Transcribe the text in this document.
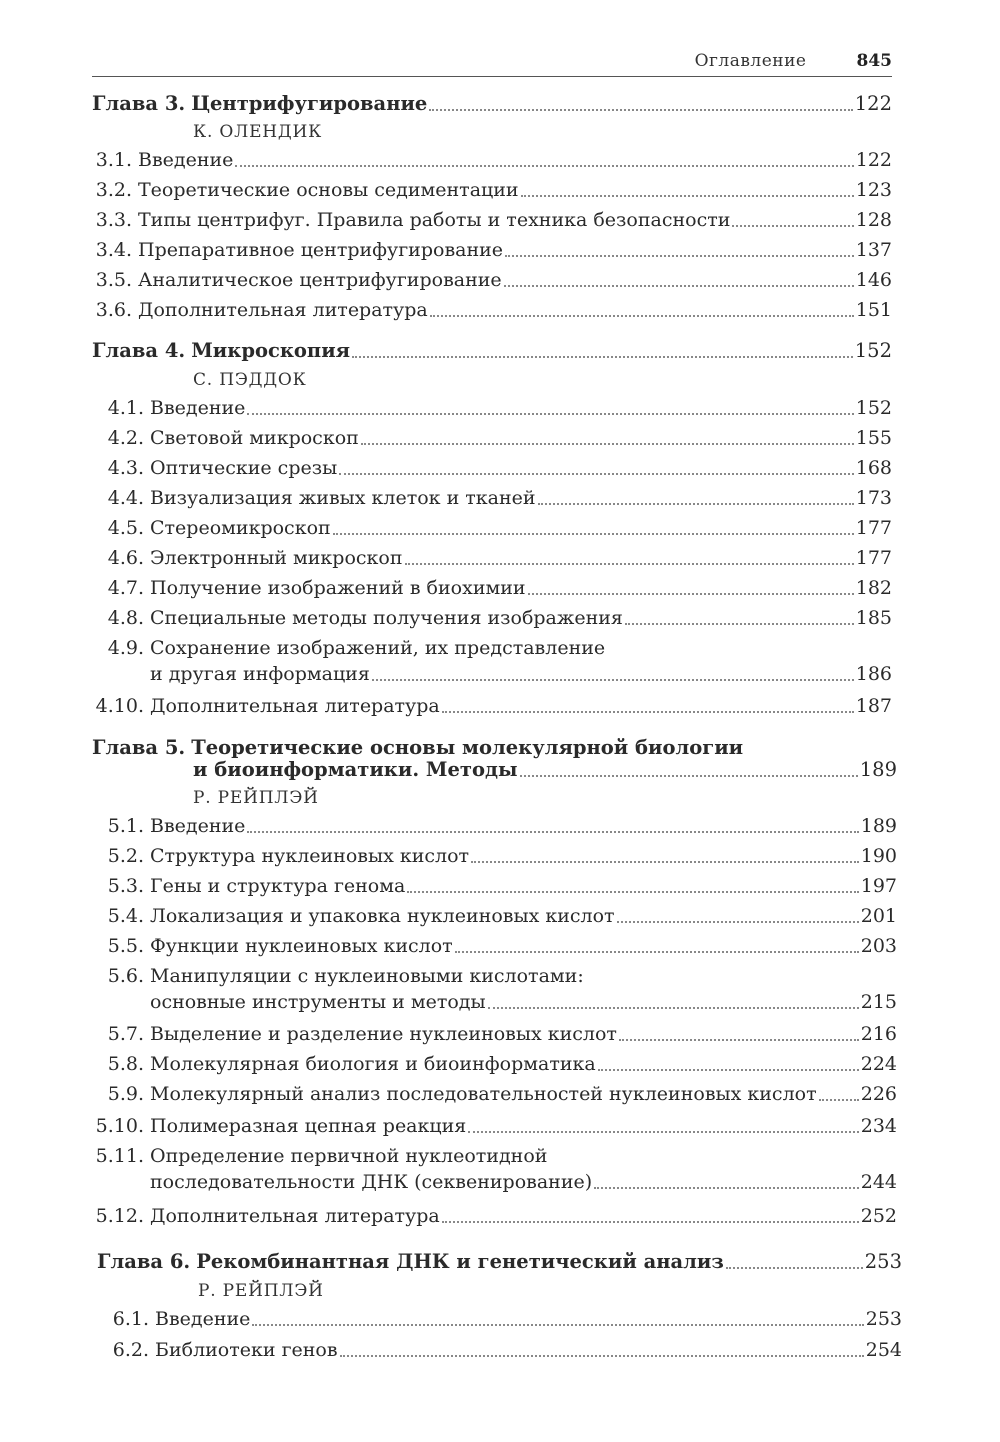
Оглавление	845
Глава 3. Центрифугирование	122
К. ОЛЕНДИК
3.1. Введение	122
3.2. Теоретические основы седиментации	123
3.3. Типы центрифуг. Правила работы и техника безопасности	128
3.4. Препаративное центрифугирование	137
3.5. Аналитическое центрифугирование	146
3.6. Дополнительная литература	151
Глава 4. Микроскопия	152
С. ПЭДДОК
4.1. Введение	152
4.2. Световой микроскоп	155
4.3. Оптические срезы	168
4.4. Визуализация живых клеток и тканей	173
4.5. Стереомикроскоп	177
4.6. Электронный микроскоп	177
4.7. Получение изображений в биохимии	182
4.8. Специальные методы получения изображения	185
4.9. Сохранение изображений, их представление
и другая информация	186
4.10. Дополнительная литература	187
Глава 5. Теоретические основы молекулярной биологии
и биоинформатики. Методы	189
Р. РЕЙПЛЭЙ
5.1. Введение	189
5.2. Структура нуклеиновых кислот	190
5.3. Гены и структура генома	197
5.4. Локализация и упаковка нуклеиновых кислот	201
5.5. Функции нуклеиновых кислот	203
5.6. Манипуляции с нуклеиновыми кислотами:
основные инструменты и методы	215
5.7. Выделение и разделение нуклеиновых кислот	216
5.8. Молекулярная биология и биоинформатика	224
5.9. Молекулярный анализ последовательностей нуклеиновых кислот 226
5.10. Полимеразная цепная реакция	234
5.11. Определение первичной нуклеотидной
последовательности ДНК (секвенирование)	244
5.12. Дополнительная литература	252
Глава 6. Рекомбинантная ДНК и генетический анализ	253
Р. РЕЙПЛЭЙ
6.1. Введение	253
6.2. Библиотеки генов	254
